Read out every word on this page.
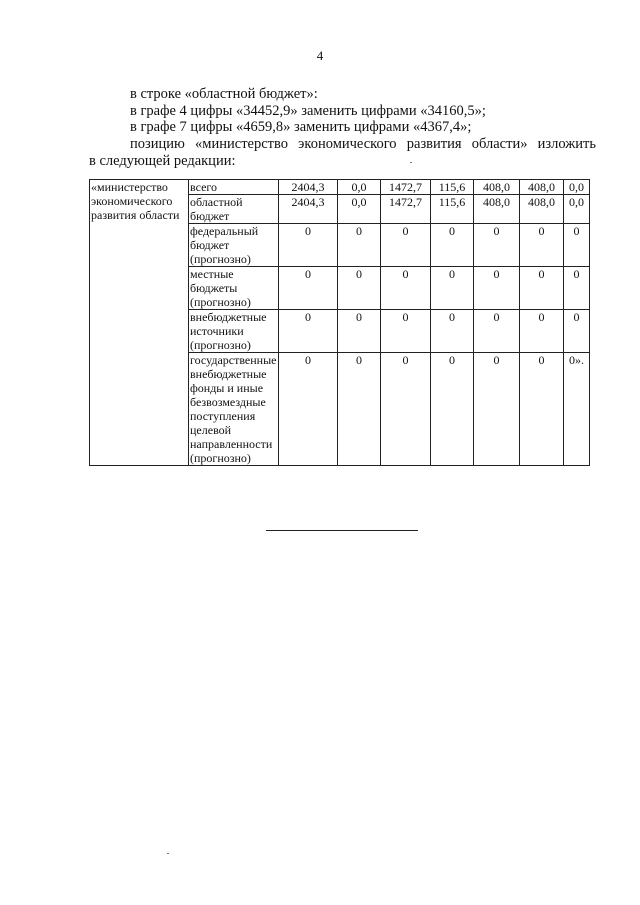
4
в строке «областной бюджет»:
в графе 4 цифры «34452,9» заменить цифрами «34160,5»;
в графе 7 цифры «4659,8» заменить цифрами «4367,4»;
позицию «министерство экономического развития области» изложить
в следующей редакции:
«министерство экономического развития области	всего	2404,3	0,0	1472,7	115,6	408,0	408,0	0,0
	областной бюджет	2404,3	0,0	1472,7	115,6	408,0	408,0	0,0
	федеральный бюджет (прогнозно)	0	0	0	0	0	0	0
	местные бюджеты (прогнозно)	0	0	0	0	0	0	0
	внебюджетные источники (прогнозно)	0	0	0	0	0	0	0
	государственные внебюджетные фонды и иные безвозмездные поступления целевой направленности (прогнозно)	0	0	0	0	0	0	0».
